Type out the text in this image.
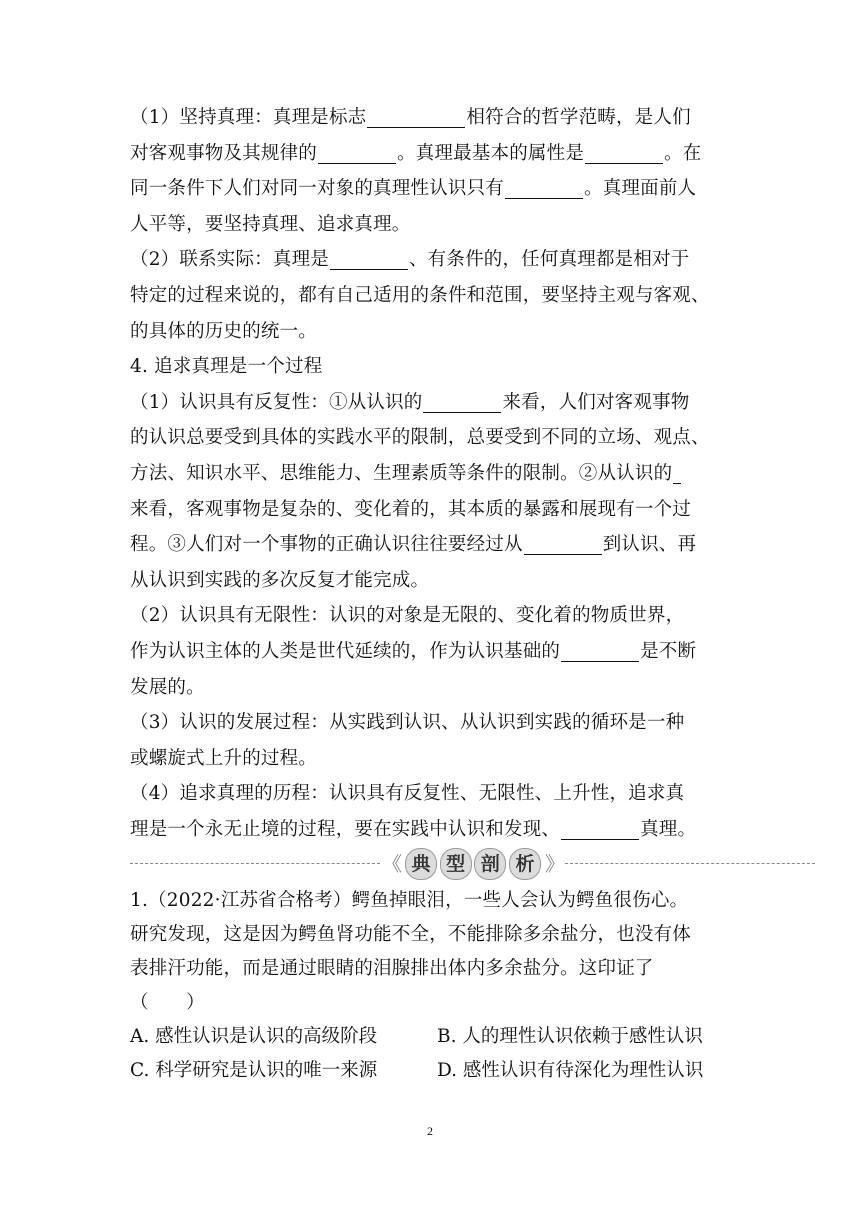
（1）坚持真理：真理是标志	相符合的哲学范畴，是人们
对客观事物及其规律的	。真理最基本的属性是	。在
同一条件下人们对同一对象的真理性认识只有	。真理面前人
人平等，要坚持真理、追求真理。
（2）联系实际：真理是	、有条件的，任何真理都是相对于
特定的过程来说的，都有自己适用的条件和范围，要坚持主观与客观、
的具体的历史的统一。
4. 追求真理是一个过程
（1）认识具有反复性：①从认识的	来看，人们对客观事物
的认识总要受到具体的实践水平的限制，总要受到不同的立场、观点、
方法、知识水平、思维能力、生理素质等条件的限制。②从认识的
来看，客观事物是复杂的、变化着的，其本质的暴露和展现有一个过
程。③人们对一个事物的正确认识往往要经过从	到认识、再
从认识到实践的多次反复才能完成。
（2）认识具有无限性：认识的对象是无限的、变化着的物质世界，
作为认识主体的人类是世代延续的，作为认识基础的	是不断
发展的。
（3）认识的发展过程：从实践到认识、从认识到实践的循环是一种
或螺旋式上升的过程。
（4）追求真理的历程：认识具有反复性、无限性、上升性，追求真
理是一个永无止境的过程，要在实践中认识和发现、	真理。
《 典 型 剖 析 》
1.（2022·江苏省合格考）鳄鱼掉眼泪，一些人会认为鳄鱼很伤心。
研究发现，这是因为鳄鱼肾功能不全，不能排除多余盐分，也没有体
表排汗功能，而是通过眼睛的泪腺排出体内多余盐分。这印证了
（　　）
A. 感性认识是认识的高级阶段	B. 人的理性认识依赖于感性认识
C. 科学研究是认识的唯一来源	D. 感性认识有待深化为理性认识
2
